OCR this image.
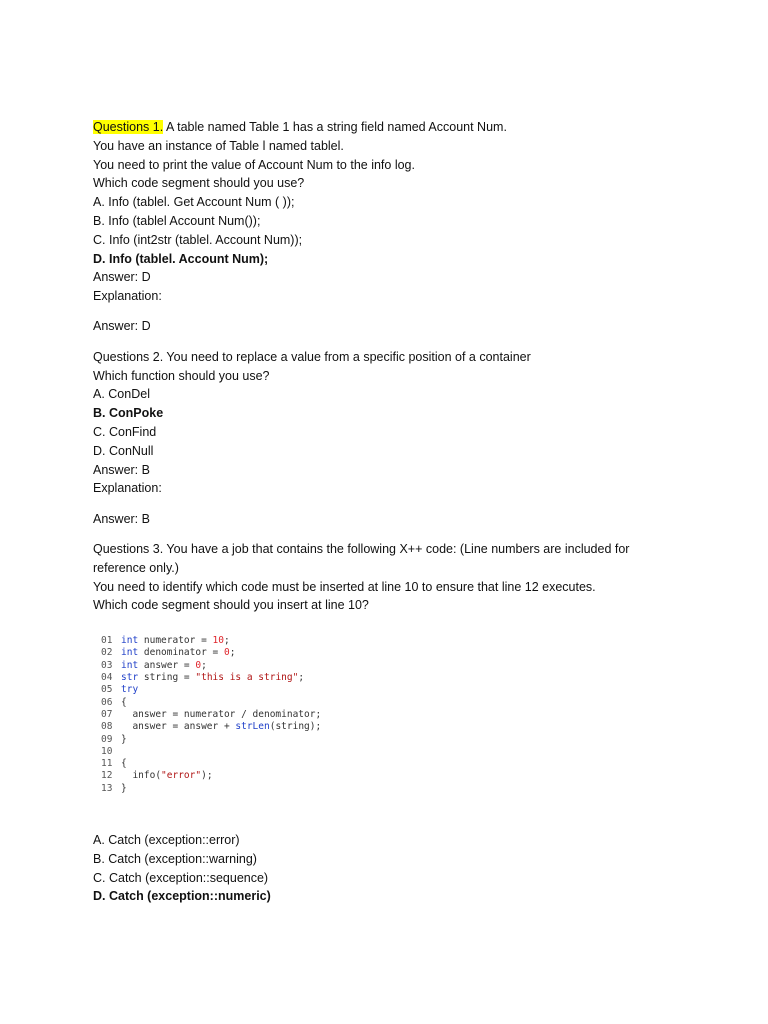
Questions 1. A table named Table 1 has a string field named Account Num.
You have an instance of Table l named tablel.
You need to print the value of Account Num to the info log.
Which code segment should you use?
A. Info (tablel. Get Account Num ( ));
B. Info (tablel Account Num());
C. Info (int2str (tablel. Account Num));
D. Info (tablel. Account Num);
Answer: D
Explanation:
Answer: D
Questions 2. You need to replace a value from a specific position of a container
Which function should you use?
A. ConDel
B. ConPoke
C. ConFind
D. ConNull
Answer: B
Explanation:
Answer: B
Questions 3. You have a job that contains the following X++ code: (Line numbers are included for reference only.)
You need to identify which code must be inserted at line 10 to ensure that line 12 executes.
Which code segment should you insert at line 10?
01 int numerator = 10;
02 int denominator = 0;
03 int answer = 0;
04 str string = "this is a string";
05 try
06 {
07  answer = numerator / denominator;
08  answer = answer + strLen(string);
09 }
10
11 {
12  info("error");
13 }
A. Catch (exception::error)
B. Catch (exception::warning)
C. Catch (exception::sequence)
D. Catch (exception::numeric)
